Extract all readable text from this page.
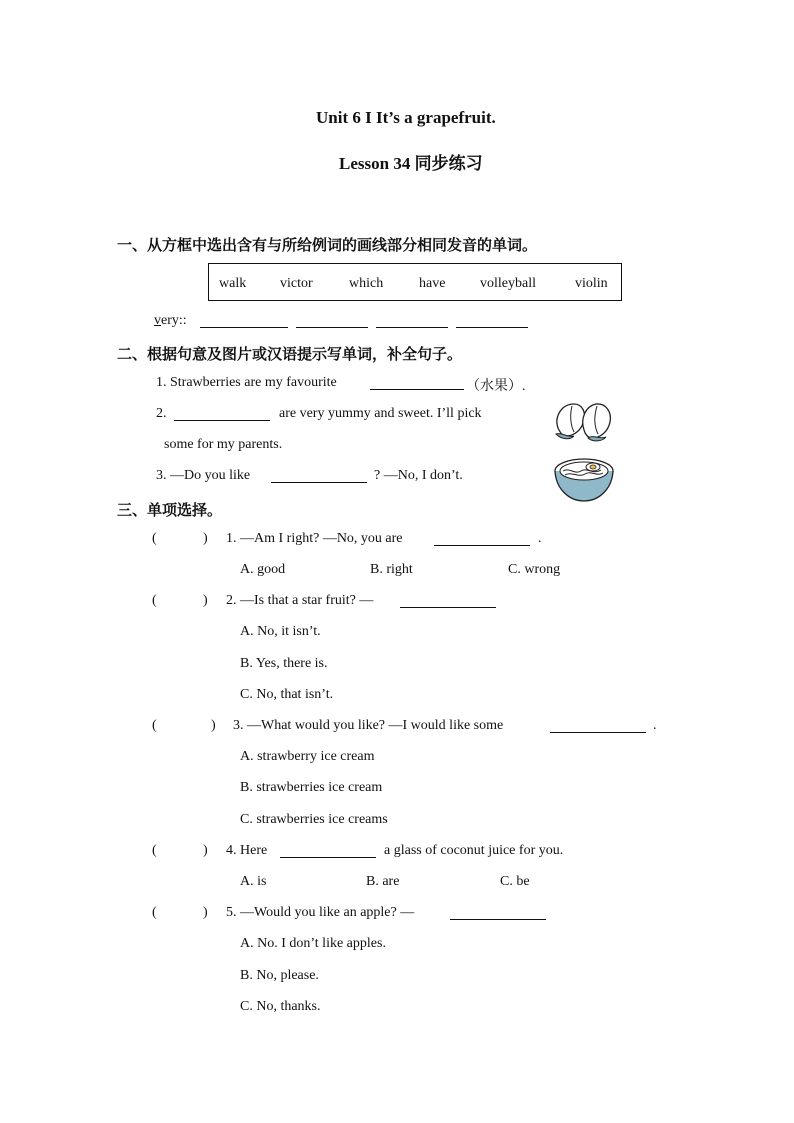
Unit 6 I It’s a grapefruit.
Lesson 34 同步练习
一、从方框中选出含有与所给例词的画线部分相同发音的单词。
walk victor	which	have volleyball	violin
very::
二、根据句意及图片或汉语提示写单词，补全句子。
1. Strawberries are my favourite	（水果）.
2.	are very yummy and sweet. I’ll pick
some for my parents.
3. —Do you like	? —No, I don’t.
三、单项选择。
(	) 1. —Am I right? —No, you are	.
A. good	B. right	C. wrong
(	) 2. —Is that a star fruit? —
A. No, it isn’t.
B. Yes, there is.
C. No, that isn’t.
(	) 3. —What would you like? —I would like some	.
A. strawberry ice cream
B. strawberries ice cream
C. strawberries ice creams
(	) 4. Here	a glass of coconut juice for you.
A. is	B. are	C. be
(	) 5. —Would you like an apple? —
A. No. I don’t like apples.
B. No, please.
C. No, thanks.
